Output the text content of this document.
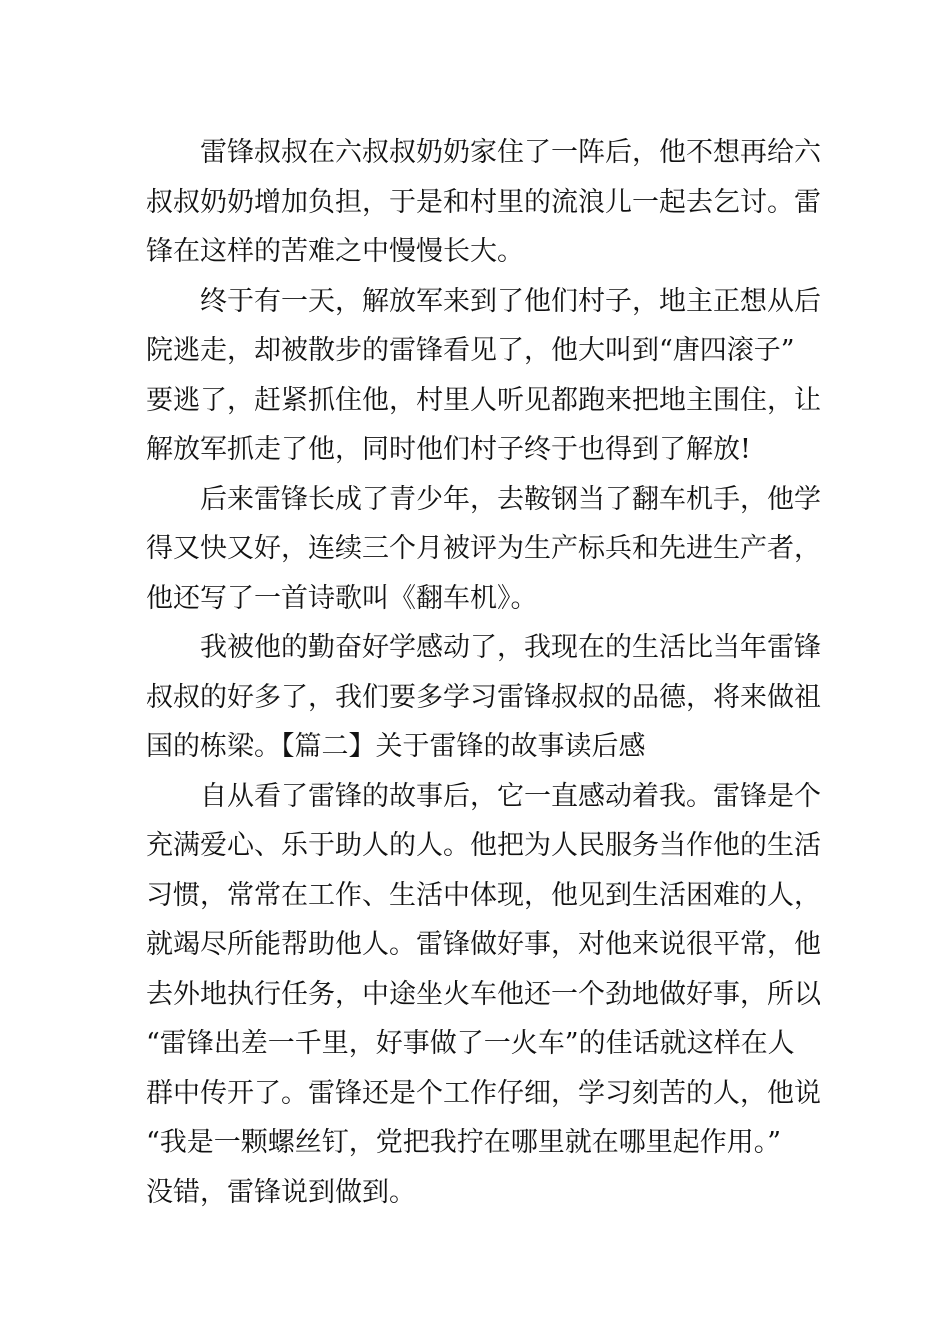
雷锋叔叔在六叔叔奶奶家住了一阵后，他不想再给六
叔叔奶奶增加负担，于是和村里的流浪儿一起去乞讨。雷
锋在这样的苦难之中慢慢长大。
终于有一天，解放军来到了他们村子，地主正想从后
院逃走，却被散步的雷锋看见了，他大叫到“唐四滚子”
要逃了，赶紧抓住他，村里人听见都跑来把地主围住，让
解放军抓走了他，同时他们村子终于也得到了解放!
后来雷锋长成了青少年，去鞍钢当了翻车机手，他学
得又快又好，连续三个月被评为生产标兵和先进生产者，
他还写了一首诗歌叫《翻车机》。
我被他的勤奋好学感动了，我现在的生活比当年雷锋
叔叔的好多了，我们要多学习雷锋叔叔的品德，将来做祖
国的栋梁。【篇二】关于雷锋的故事读后感
自从看了雷锋的故事后，它一直感动着我。雷锋是个
充满爱心、乐于助人的人。他把为人民服务当作他的生活
习惯，常常在工作、生活中体现，他见到生活困难的人，
就竭尽所能帮助他人。雷锋做好事，对他来说很平常，他
去外地执行任务，中途坐火车他还一个劲地做好事，所以
“雷锋出差一千里，好事做了一火车”的佳话就这样在人
群中传开了。雷锋还是个工作仔细，学习刻苦的人，他说
“我是一颗螺丝钉，党把我拧在哪里就在哪里起作用。”
没错，雷锋说到做到。
